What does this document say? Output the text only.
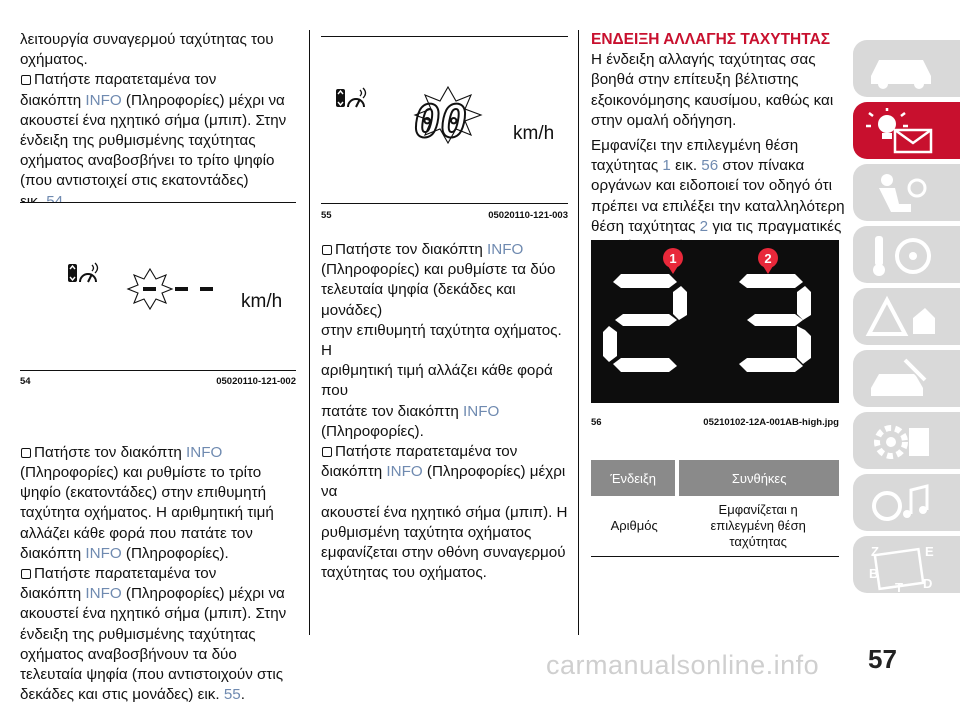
λειτουργία συναγερμού ταχύτητας του
οχήματος.

Πατήστε παρατεταμένα τον
διακόπτη INFO (Πληροφορίες) μέχρι να
ακουστεί ένα ηχητικό σήμα (μπιπ). Στην
ένδειξη της ρυθμισμένης ταχύτητας
οχήματος αναβοσβήνει το τρίτο ψηφίο
(που αντιστοιχεί στις εκατοντάδες)

Πατήστε τον διακόπτη INFO
(Πληροφορίες) και ρυθμίστε το τρίτο
ψηφίο (εκατοντάδες) στην επιθυμητή
ταχύτητα οχήματος. Η αριθμητική τιμή
αλλάζει κάθε φορά που πατάτε τον
διακόπτη INFO (Πληροφορίες).

Πατήστε παρατεταμένα τον
διακόπτη INFO (Πληροφορίες) μέχρι να
ακουστεί ένα ηχητικό σήμα (μπιπ). Στην
ένδειξη της ρυθμισμένης ταχύτητας
οχήματος αναβοσβήνουν τα δύο
τελευταία ψηφία (που αντιστοιχούν στις
δεκάδες και στις μονάδες) εικ. 55.

km/h
54	05020110-121-002
00 km/h
55	05020110-121-003

Πατήστε τον διακόπτη INFO
(Πληροφορίες) και ρυθμίστε τα δύο
τελευταία ψηφία (δεκάδες και μονάδες)
στην επιθυμητή ταχύτητα οχήματος. Η
αριθμητική τιμή αλλάζει κάθε φορά που
πατάτε τον διακόπτη INFO
(Πληροφορίες).

Πατήστε παρατεταμένα τον
διακόπτη INFO (Πληροφορίες) μέχρι να
ακουστεί ένα ηχητικό σήμα (μπιπ). Η
ρυθμισμένη ταχύτητα οχήματος
εμφανίζεται στην οθόνη συναγερμού
ταχύτητας του οχήματος.

ΕΝΔΕΙΞΗ ΑΛΛΑΓΗΣ ΤΑΧΥΤΗΤΑΣ

Η ένδειξη αλλαγής ταχύτητας σας
βοηθά στην επίτευξη βέλτιστης
εξοικονόμησης καυσίμου, καθώς και
στην ομαλή οδήγηση.

Εμφανίζει την επιλεγμένη θέση
ταχύτητας 1 εικ. 56 στον πίνακα
οργάνων και ειδοποιεί τον οδηγό ότι
πρέπει να επιλέξει την καταλληλότερη
θέση ταχύτητας 2 για τις πραγματικές

1	2
56	05210102-12A-001AB-high.jpg
Ένδειξη	Συνθήκες
Αριθμός	Εμφανίζεται η
επιλεγμένη θέση
ταχύτητας
Z	E
B
T D
57
carmanualsonline.info
